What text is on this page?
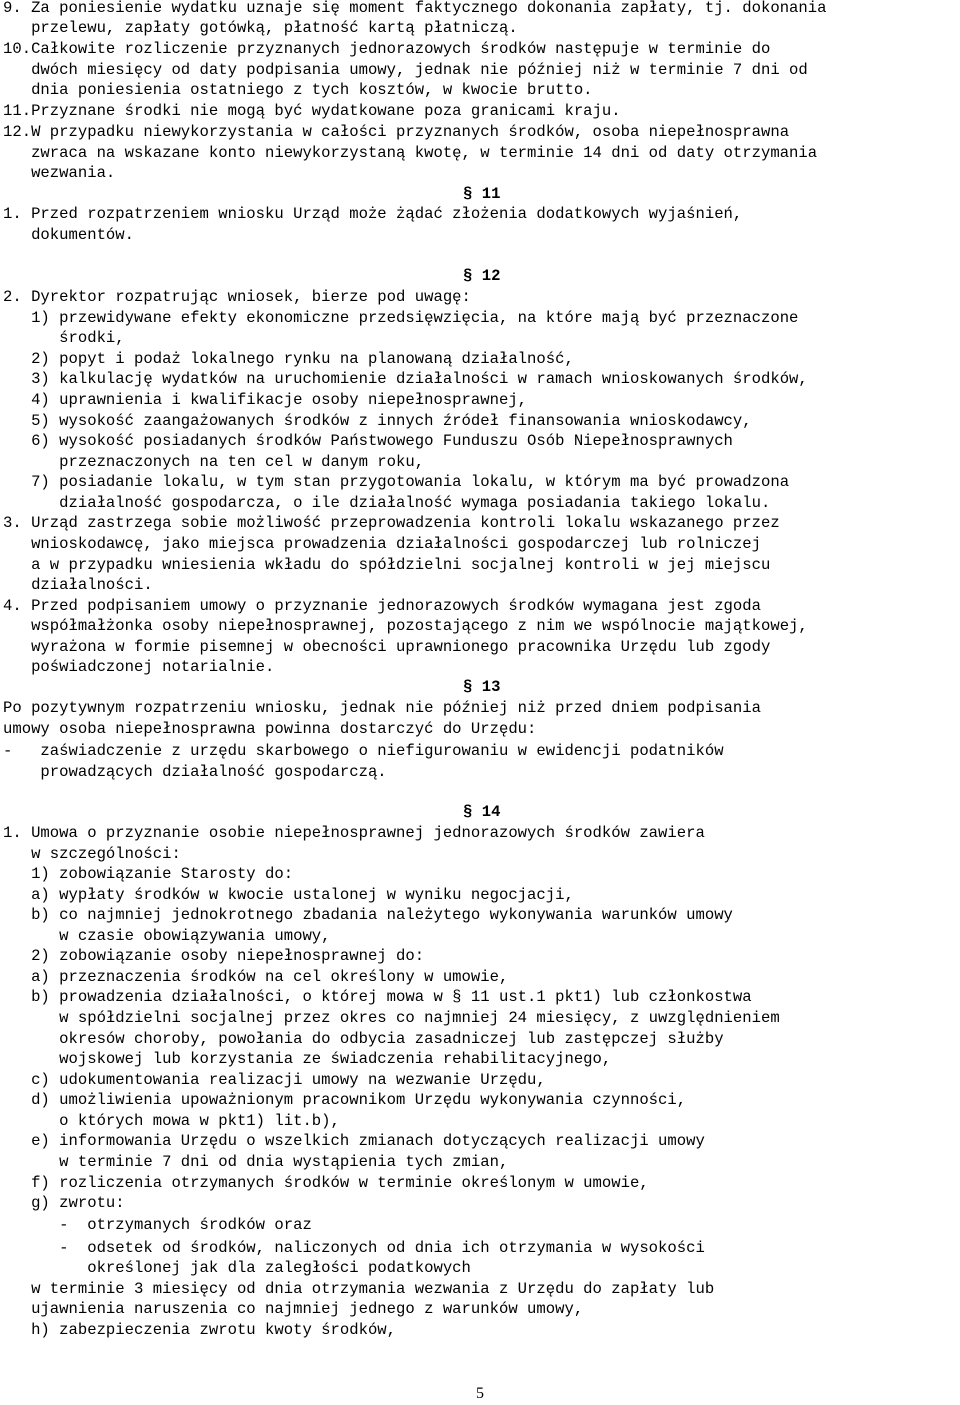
9. Za poniesienie wydatku uznaje się moment faktycznego dokonania zapłaty, tj. dokonania
przelewu, zapłaty gotówką, płatność kartą płatniczą.
10.Całkowite rozliczenie przyznanych jednorazowych środków następuje w terminie do
dwóch miesięcy od daty podpisania umowy, jednak nie później niż w terminie 7 dni od
dnia poniesienia ostatniego z tych kosztów, w kwocie brutto.
11.Przyznane środki nie mogą być wydatkowane poza granicami kraju.
12.W przypadku niewykorzystania w całości przyznanych środków, osoba niepełnosprawna
zwraca na wskazane konto niewykorzystaną kwotę, w terminie 14 dni od daty otrzymania
wezwania.
§ 11
1. Przed rozpatrzeniem wniosku Urząd może żądać złożenia dodatkowych wyjaśnień,
dokumentów.
§ 12
2. Dyrektor rozpatrując wniosek, bierze pod uwagę:
1) przewidywane efekty ekonomiczne przedsięwzięcia, na które mają być przeznaczone
środki,
2) popyt i podaż lokalnego rynku na planowaną działalność,
3) kalkulację wydatków na uruchomienie działalności w ramach wnioskowanych środków,
4) uprawnienia i kwalifikacje osoby niepełnosprawnej,
5) wysokość zaangażowanych środków z innych źródeł finansowania wnioskodawcy,
6) wysokość posiadanych środków Państwowego Funduszu Osób Niepełnosprawnych
przeznaczonych na ten cel w danym roku,
7) posiadanie lokalu, w tym stan przygotowania lokalu, w którym ma być prowadzona
działalność gospodarcza, o ile działalność wymaga posiadania takiego lokalu.
3. Urząd zastrzega sobie możliwość przeprowadzenia kontroli lokalu wskazanego przez
wnioskodawcę, jako miejsca prowadzenia działalności gospodarczej lub rolniczej
a w przypadku wniesienia wkładu do spółdzielni socjalnej kontroli w jej miejscu
działalności.
4. Przed podpisaniem umowy o przyznanie jednorazowych środków wymagana jest zgoda
współmałżonka osoby niepełnosprawnej, pozostającego z nim we wspólnocie majątkowej,
wyrażona w formie pisemnej w obecności uprawnionego pracownika Urzędu lub zgody
poświadczonej notarialnie.
§ 13
Po pozytywnym rozpatrzeniu wniosku, jednak nie później niż przed dniem podpisania
umowy osoba niepełnosprawna powinna dostarczyć do Urzędu:
-   zaświadczenie z urzędu skarbowego o niefigurowaniu w ewidencji podatników
prowadzących działalność gospodarczą.
§ 14
1. Umowa o przyznanie osobie niepełnosprawnej jednorazowych środków zawiera
w szczególności:
1) zobowiązanie Starosty do:
a) wypłaty środków w kwocie ustalonej w wyniku negocjacji,
b) co najmniej jednokrotnego zbadania należytego wykonywania warunków umowy
w czasie obowiązywania umowy,
2) zobowiązanie osoby niepełnosprawnej do:
a) przeznaczenia środków na cel określony w umowie,
b) prowadzenia działalności, o której mowa w § 11 ust.1 pkt1) lub członkostwa
w spółdzielni socjalnej przez okres co najmniej 24 miesięcy, z uwzględnieniem
okresów choroby, powołania do odbycia zasadniczej lub zastępczej służby
wojskowej lub korzystania ze świadczenia rehabilitacyjnego,
c) udokumentowania realizacji umowy na wezwanie Urzędu,
d) umożliwienia upoważnionym pracownikom Urzędu wykonywania czynności,
o których mowa w pkt1) lit.b),
e) informowania Urzędu o wszelkich zmianach dotyczących realizacji umowy
w terminie 7 dni od dnia wystąpienia tych zmian,
f) rozliczenia otrzymanych środków w terminie określonym w umowie,
g) zwrotu:
-  otrzymanych środków oraz
-  odsetek od środków, naliczonych od dnia ich otrzymania w wysokości
określonej jak dla zaległości podatkowych
w terminie 3 miesięcy od dnia otrzymania wezwania z Urzędu do zapłaty lub
ujawnienia naruszenia co najmniej jednego z warunków umowy,
h) zabezpieczenia zwrotu kwoty środków,
5
